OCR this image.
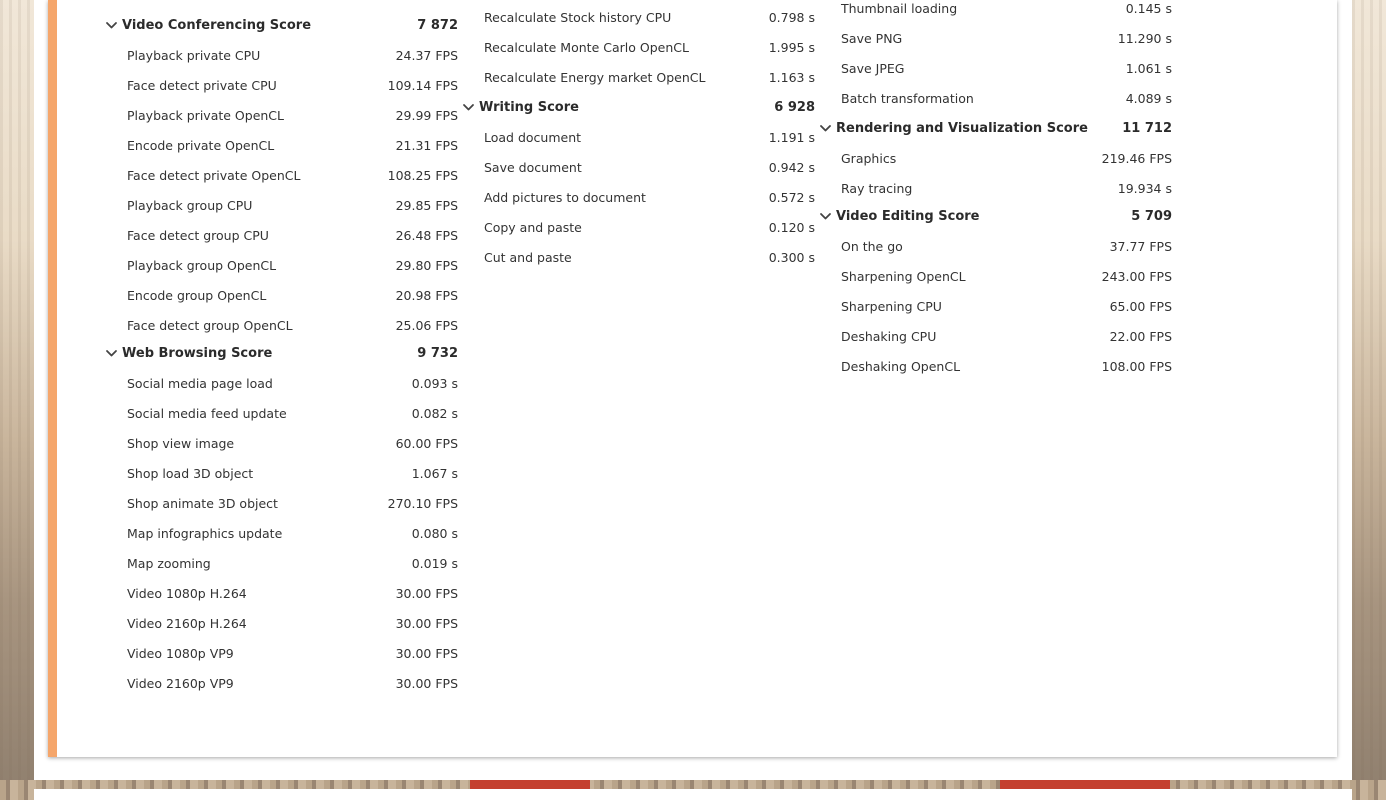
Video Conferencing Score	7 872
Playback private CPU	24.37 FPS
Face detect private CPU	109.14 FPS
Playback private OpenCL	29.99 FPS
Encode private OpenCL	21.31 FPS
Face detect private OpenCL	108.25 FPS
Playback group CPU	29.85 FPS
Face detect group CPU	26.48 FPS
Playback group OpenCL	29.80 FPS
Encode group OpenCL	20.98 FPS
Face detect group OpenCL	25.06 FPS
Web Browsing Score	9 732
Social media page load	0.093 s
Social media feed update	0.082 s
Shop view image	60.00 FPS
Shop load 3D object	1.067 s
Shop animate 3D object	270.10 FPS
Map infographics update	0.080 s
Map zooming	0.019 s
Video 1080p H.264	30.00 FPS
Video 2160p H.264	30.00 FPS
Video 1080p VP9	30.00 FPS
Video 2160p VP9	30.00 FPS
Recalculate Stock history CPU	0.798 s
Recalculate Monte Carlo OpenCL	1.995 s
Recalculate Energy market OpenCL	1.163 s
Writing Score	6 928
Load document	1.191 s
Save document	0.942 s
Add pictures to document	0.572 s
Copy and paste	0.120 s
Cut and paste	0.300 s
Thumbnail loading	0.145 s
Save PNG	11.290 s
Save JPEG	1.061 s
Batch transformation	4.089 s
Rendering and Visualization Score	11 712
Graphics	219.46 FPS
Ray tracing	19.934 s
Video Editing Score	5 709
On the go	37.77 FPS
Sharpening OpenCL	243.00 FPS
Sharpening CPU	65.00 FPS
Deshaking CPU	22.00 FPS
Deshaking OpenCL	108.00 FPS
